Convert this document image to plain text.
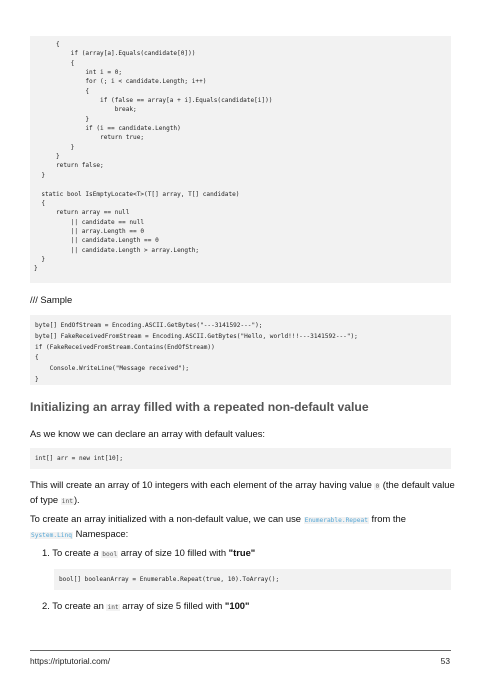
{
if (array[a].Equals(candidate[0]))
{
int i = 0;
for (; i < candidate.Length; i++)
{
if (false == array[a + i].Equals(candidate[i]))
break;
}
if (i == candidate.Length)
return true;
}
}
return false;
}

static bool IsEmptyLocate<T>(T[] array, T[] candidate)
{
return array == null
|| candidate == null
|| array.Length == 0
|| candidate.Length == 0
|| candidate.Length > array.Length;
}
}
/// Sample
byte[] EndOfStream = Encoding.ASCII.GetBytes("---3141592---");
byte[] FakeReceivedFromStream = Encoding.ASCII.GetBytes("Hello, world!!!---3141592---");
if (FakeReceivedFromStream.Contains(EndOfStream))
{
Console.WriteLine("Message received");
}
Initializing an array filled with a repeated non-default value
As we know we can declare an array with default values:
int[] arr = new int[10];
This will create an array of 10 integers with each element of the array having value 0 (the default value of type int).
To create an array initialized with a non-default value, we can use Enumerable.Repeat from the
System.Linq Namespace:
1. To create a bool array of size 10 filled with "true"
bool[] booleanArray = Enumerable.Repeat(true, 10).ToArray();
2. To create an int array of size 5 filled with "100"
https://riptutorial.com/	53
